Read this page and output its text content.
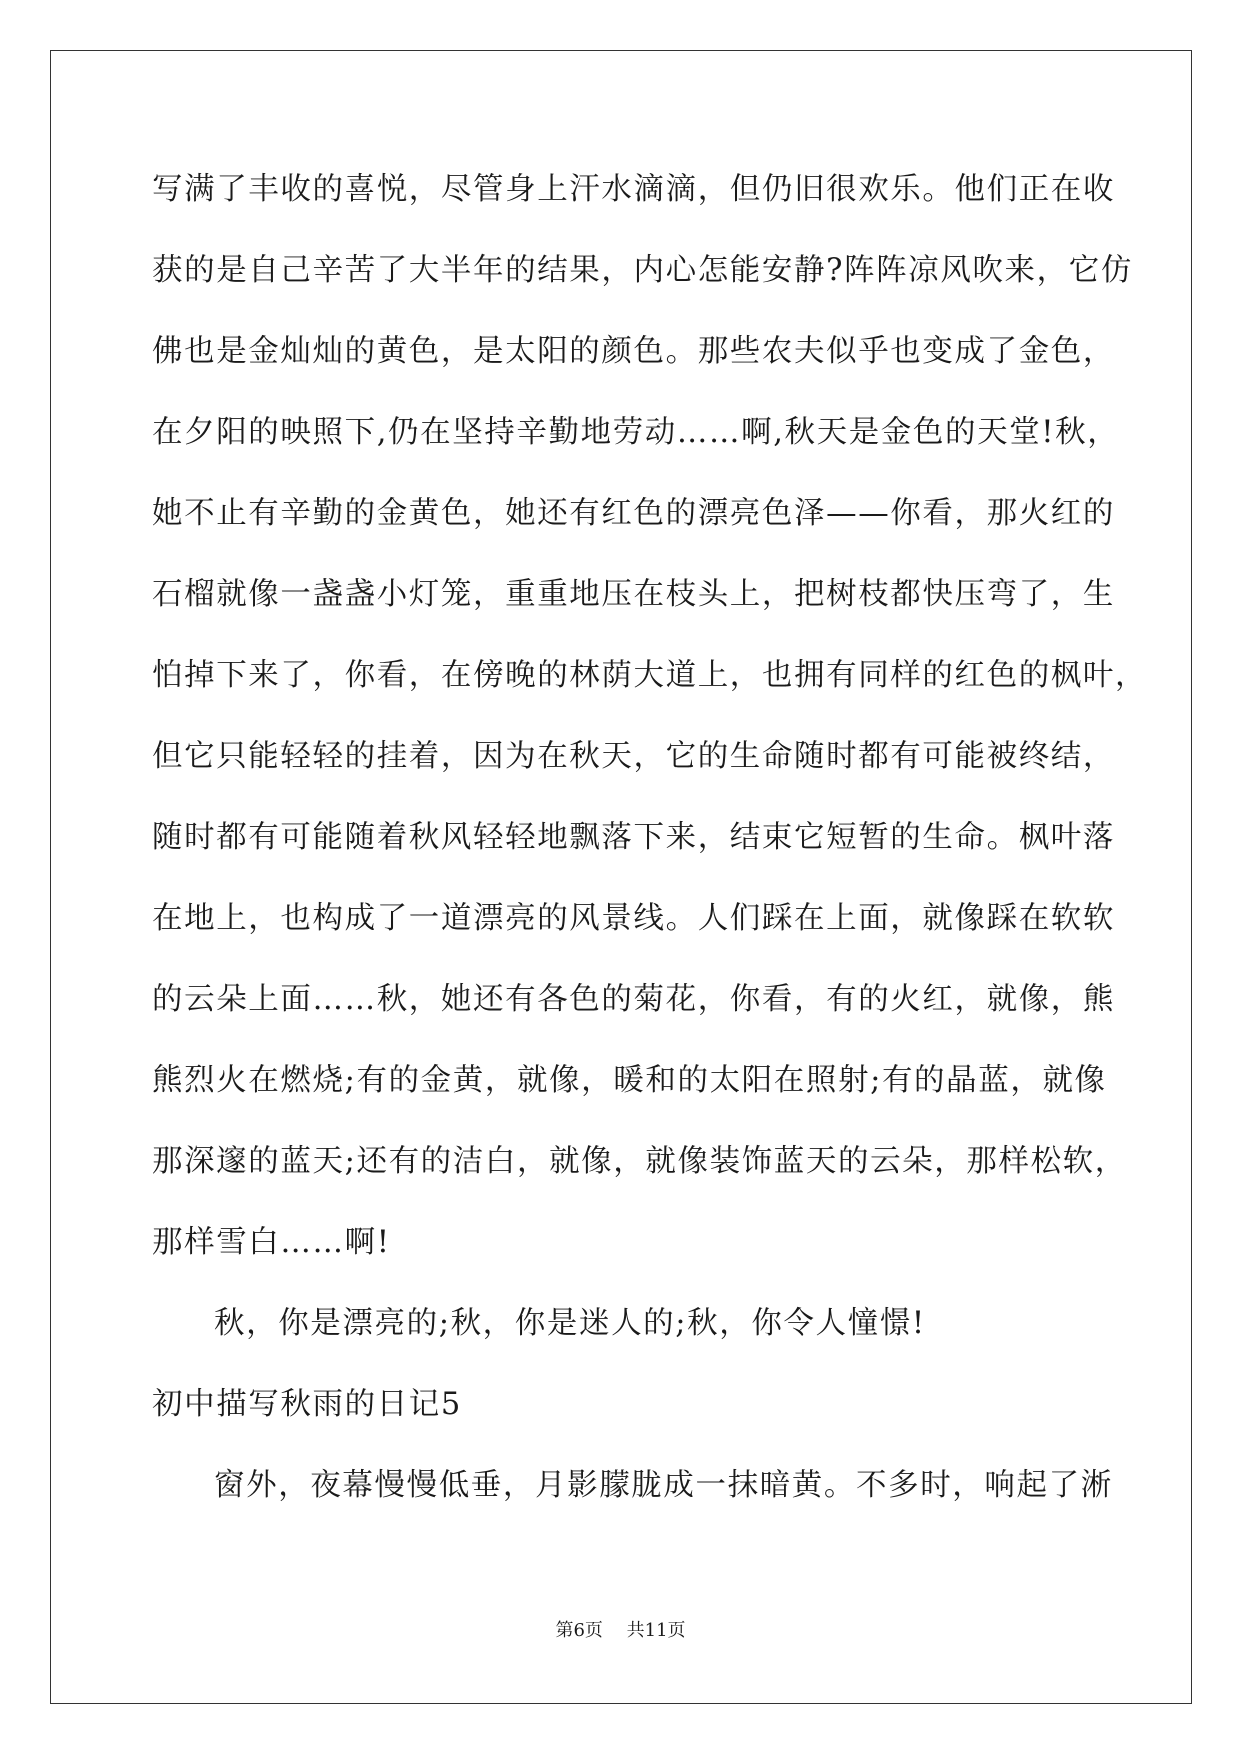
写满了丰收的喜悦，尽管身上汗水滴滴，但仍旧很欢乐。他们正在收
获的是自己辛苦了大半年的结果，内心怎能安静?阵阵凉风吹来，它仿
佛也是金灿灿的黄色，是太阳的颜色。那些农夫似乎也变成了金色，
在夕阳的映照下,仍在坚持辛勤地劳动……啊,秋天是金色的天堂!秋，
她不止有辛勤的金黄色，她还有红色的漂亮色泽——你看，那火红的
石榴就像一盏盏小灯笼，重重地压在枝头上，把树枝都快压弯了，生
怕掉下来了，你看，在傍晚的林荫大道上，也拥有同样的红色的枫叶，
但它只能轻轻的挂着，因为在秋天，它的生命随时都有可能被终结，
随时都有可能随着秋风轻轻地飘落下来，结束它短暂的生命。枫叶落
在地上，也构成了一道漂亮的风景线。人们踩在上面，就像踩在软软
的云朵上面……秋，她还有各色的菊花，你看，有的火红，就像，熊
熊烈火在燃烧;有的金黄，就像，暖和的太阳在照射;有的晶蓝，就像
那深邃的蓝天;还有的洁白，就像，就像装饰蓝天的云朵，那样松软，
那样雪白……啊!
秋，你是漂亮的;秋，你是迷人的;秋，你令人憧憬!
初中描写秋雨的日记5
窗外，夜幕慢慢低垂，月影朦胧成一抹暗黄。不多时，响起了淅
第6页 共11页
